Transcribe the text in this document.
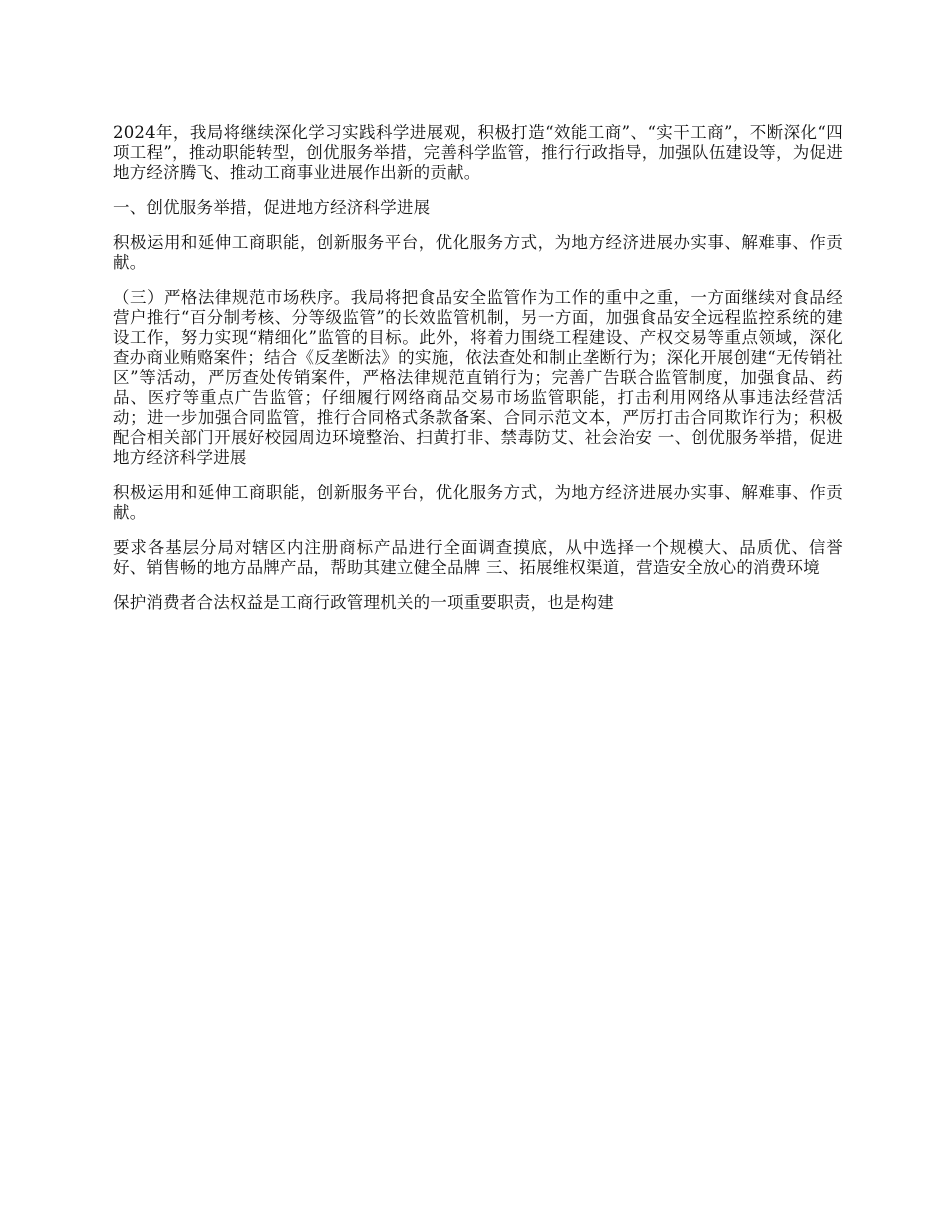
2024年，我局将继续深化学习实践科学进展观，积极打造“效能工商”、“实干工商”，不断深化“四项工程”，推动职能转型，创优服务举措，完善科学监管，推行行政指导，加强队伍建设等，为促进地方经济腾飞、推动工商事业进展作出新的贡献。

一、创优服务举措，促进地方经济科学进展

积极运用和延伸工商职能，创新服务平台，优化服务方式，为地方经济进展办实事、解难事、作贡献。

（三）严格法律规范市场秩序。我局将把食品安全监管作为工作的重中之重，一方面继续对食品经营户推行“百分制考核、分等级监管”的长效监管机制，另一方面，加强食品安全远程监控系统的建设工作，努力实现“精细化”监管的目标。此外，将着力围绕工程建设、产权交易等重点领域，深化查办商业贿赂案件；结合《反垄断法》的实施，依法查处和制止垄断行为；深化开展创建“无传销社区”等活动，严厉查处传销案件，严格法律规范直销行为；完善广告联合监管制度，加强食品、药品、医疗等重点广告监管；仔细履行网络商品交易市场监管职能，打击利用网络从事违法经营活动；进一步加强合同监管，推行合同格式条款备案、合同示范文本，严厉打击合同欺诈行为；积极配合相关部门开展好校园周边环境整治、扫黄打非、禁毒防艾、社会治安 一、创优服务举措，促进地方经济科学进展

积极运用和延伸工商职能，创新服务平台，优化服务方式，为地方经济进展办实事、解难事、作贡献。

要求各基层分局对辖区内注册商标产品进行全面调查摸底，从中选择一个规模大、品质优、信誉好、销售畅的地方品牌产品，帮助其建立健全品牌 三、拓展维权渠道，营造安全放心的消费环境

保护消费者合法权益是工商行政管理机关的一项重要职责，也是构建
